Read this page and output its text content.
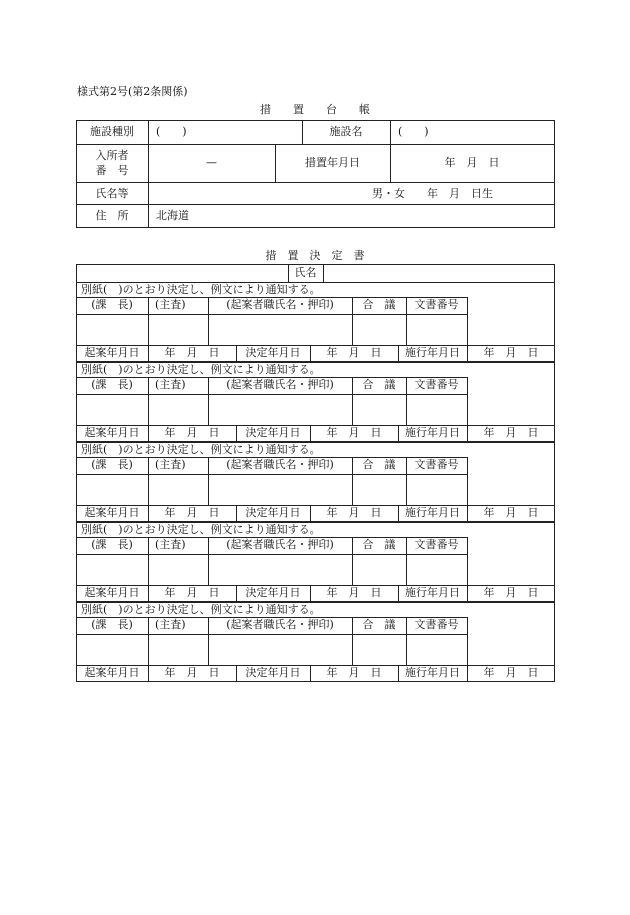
様式第2号(第2条関係)
措　　置　　台　　帳
施設種別	(　　)	施設名	(　　)
入所者
番　号
—	措置年月日	年　月　日
氏名等	男・女　　年　月　日生
住　所	北海道
措　置　決　定　書
氏名
別紙(　)のとおり決定し、例文により通知する。
(課　長)	(主査)	(起案者職氏名・押印)	合　議	文書番号
起案年月日	年　月　日	決定年月日	年　月　日	施行年月日	年　月　日
別紙(　)のとおり決定し、例文により通知する。
(課　長)	(主査)	(起案者職氏名・押印)	合　議	文書番号
起案年月日	年　月　日	決定年月日	年　月　日	施行年月日	年　月　日
別紙(　)のとおり決定し、例文により通知する。
(課　長)	(主査)	(起案者職氏名・押印)	合　議	文書番号
起案年月日	年　月　日	決定年月日	年　月　日	施行年月日	年　月　日
別紙(　)のとおり決定し、例文により通知する。
(課　長)	(主査)	(起案者職氏名・押印)	合　議	文書番号
起案年月日	年　月　日	決定年月日	年　月　日	施行年月日	年　月　日
別紙(　)のとおり決定し、例文により通知する。
(課　長)	(主査)	(起案者職氏名・押印)	合　議	文書番号
起案年月日	年　月　日	決定年月日	年　月　日	施行年月日	年　月　日
